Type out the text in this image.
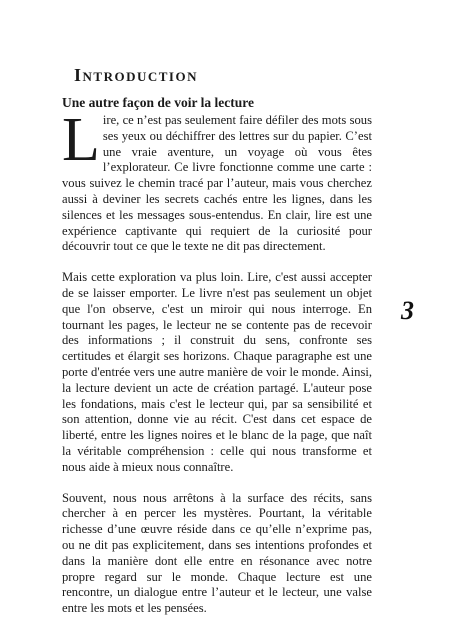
Introduction
Une autre façon de voir la lecture

Lire, ce n’est pas seulement faire défiler des mots sous ses yeux ou déchiffrer des lettres sur du papier. C’est une vraie aventure, un voyage où vous êtes l’explorateur. Ce livre fonctionne comme une carte : vous suivez le chemin tracé par l’auteur, mais vous cherchez aussi à deviner les secrets cachés entre les lignes, dans les silences et les messages sous-entendus. En clair, lire est une expérience captivante qui requiert de la curiosité pour découvrir tout ce que le texte ne dit pas directement.

Mais cette exploration va plus loin. Lire, c'est aussi accepter de se laisser emporter. Le livre n'est pas seulement un objet que l'on observe, c'est un miroir qui nous interroge. En tournant les pages, le lecteur ne se contente pas de recevoir des informations ; il construit du sens, confronte ses certitudes et élargit ses horizons. Chaque paragraphe est une porte d'entrée vers une autre manière de voir le monde. Ainsi, la lecture devient un acte de création partagé. L'auteur pose les fondations, mais c'est le lecteur qui, par sa sensibilité et son attention, donne vie au récit. C'est dans cet espace de liberté, entre les lignes noires et le blanc de la page, que naît la véritable compréhension : celle qui nous transforme et nous aide à mieux nous connaître.

Souvent, nous nous arrêtons à la surface des récits, sans chercher à en percer les mystères. Pourtant, la véritable richesse d’une œuvre réside dans ce qu’elle n’exprime pas, ou ne dit pas explicitement, dans ses intentions profondes et dans la manière dont elle entre en résonance avec notre propre regard sur le monde. Chaque lecture est une rencontre, un dialogue entre l’auteur et le lecteur, une valse entre les mots et les pensées.

3
